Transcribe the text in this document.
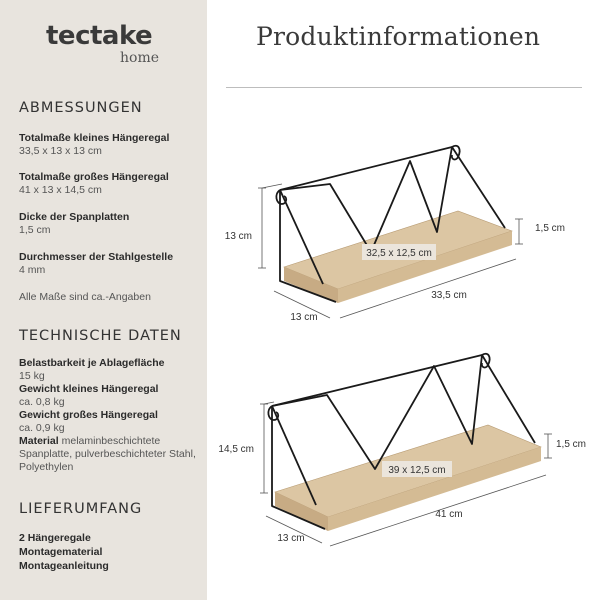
tectake
home
ABMESSUNGEN
Totalmaße kleines Hängeregal
33,5 x 13 x 13 cm
Totalmaße großes Hängeregal
41 x 13 x 14,5 cm
Dicke der Spanplatten
1,5 cm
Durchmesser der Stahlgestelle
4 mm
Alle Maße sind ca.-Angaben
TECHNISCHE DATEN
Belastbarkeit je Ablagefläche
15 kg
Gewicht kleines Hängeregal
ca. 0,8 kg
Gewicht großes Hängeregal
ca. 0,9 kg
Material melaminbeschichtete Spanplatte, pulverbeschichteter Stahl, Polyethylen
LIEFERUMFANG
2 Hängeregale
Montagematerial
Montageanleitung
Produktinformationen
32,5 x 12,5 cm
13 cm
1,5 cm
33,5 cm
13 cm
39 x 12,5 cm
14,5 cm	1,5 cm
41 cm
13 cm
